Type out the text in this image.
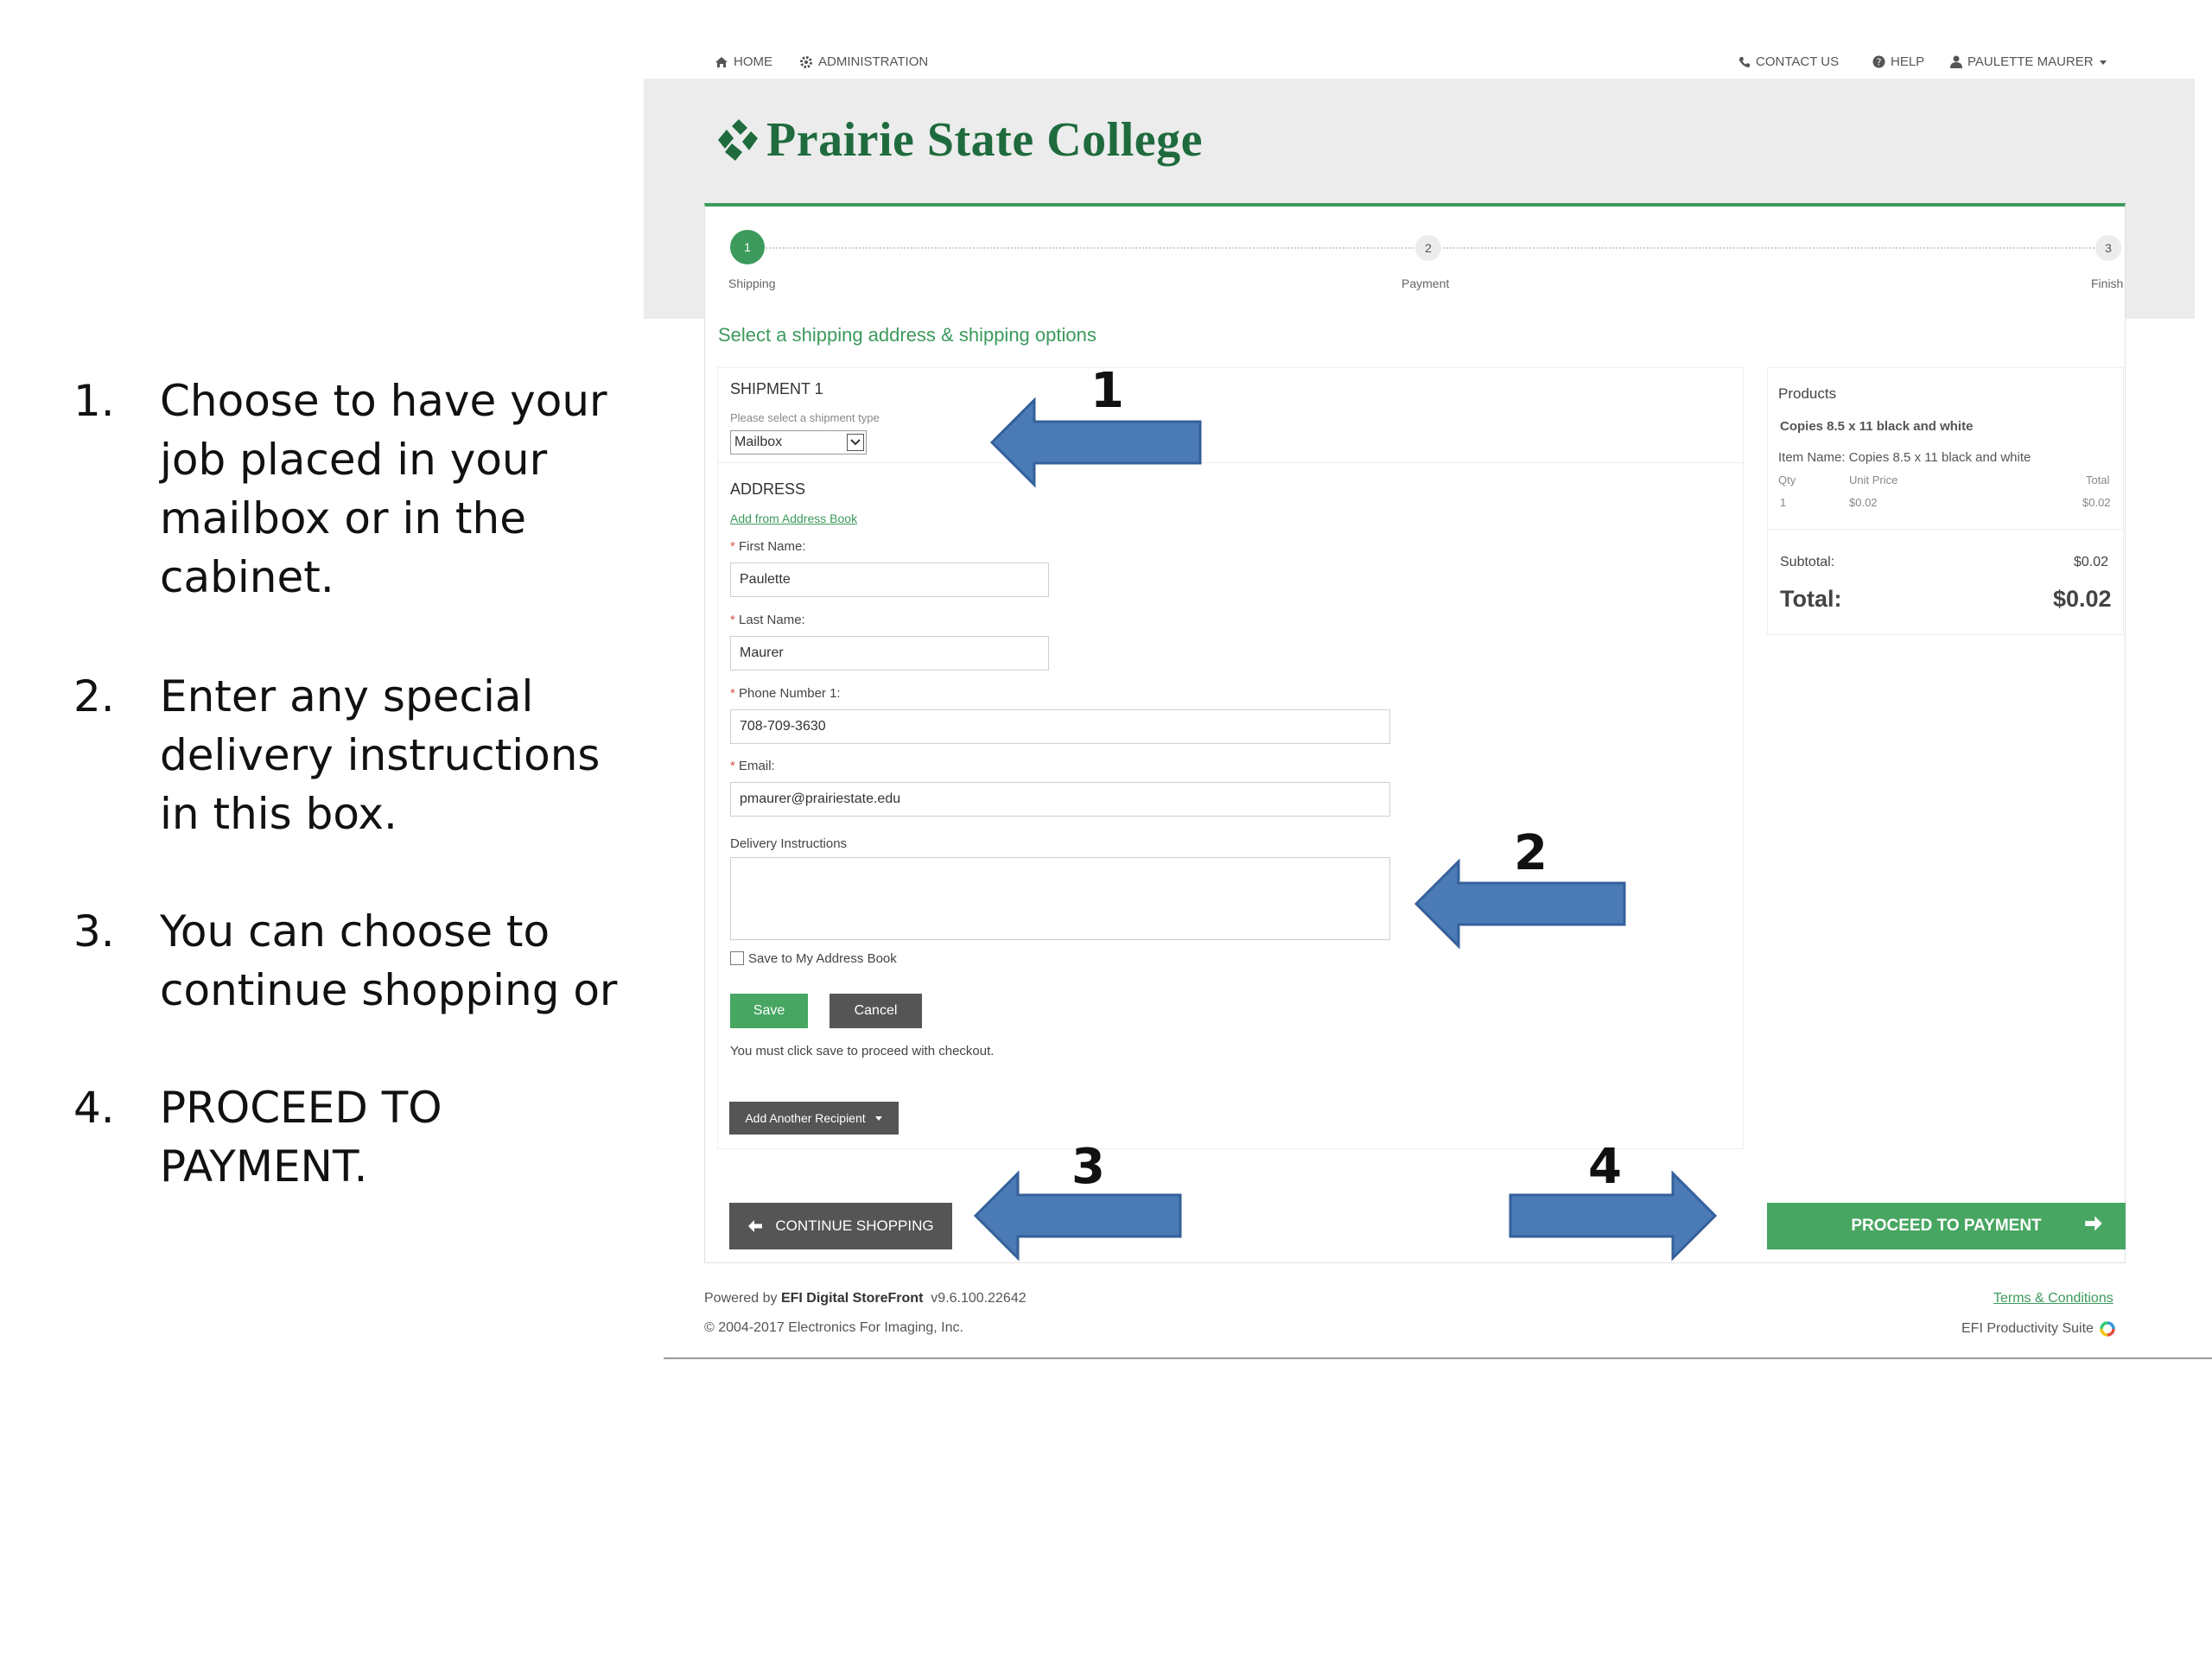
1. Choose to have your job placed in your mailbox or in the cabinet.
2. Enter any special delivery instructions in this box.
3. You can choose to continue shopping or
4. PROCEED TO PAYMENT.
HOME	ADMINISTRATION	CONTACT US	? HELP	PAULETTE MAURER
Prairie State College
1	2	3
Shipping	Payment	Finish
Select a shipping address & shipping options
SHIPMENT 1
Please select a shipment type
Mailbox
ADDRESS
Add from Address Book
* First Name:
Paulette
* Last Name:
Maurer
* Phone Number 1:
708-709-3630
* Email:
pmaurer@prairiestate.edu
Delivery Instructions
Save to My Address Book
Save	Cancel
You must click save to proceed with checkout.
Add Another Recipient
Products
Copies 8.5 x 11 black and white
Item Name: Copies 8.5 x 11 black and white
Qty	Unit Price	Total
1	$0.02	$0.02
Subtotal:	$0.02
Total:	$0.02
CONTINUE SHOPPING	PROCEED TO PAYMENT
Powered by EFI Digital StoreFront v9.6.100.22642
© 2004-2017 Electronics For Imaging, Inc.
Terms & Conditions
EFI Productivity Suite
1
2
3	4
